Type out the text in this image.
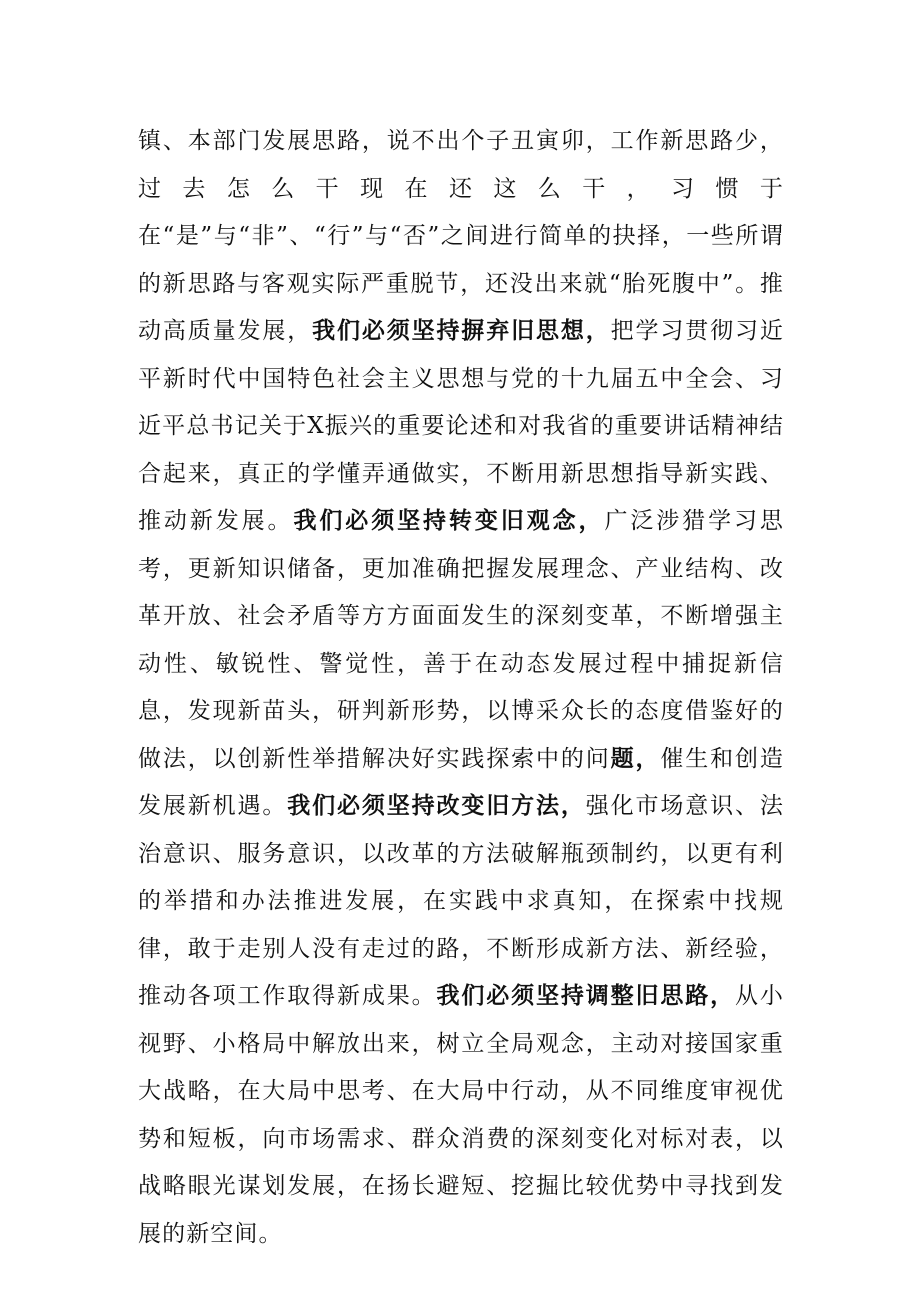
镇、本部门发展思路，说不出个子丑寅卯，工作新思路少，过去怎么干现在还这么干，习惯于在“是”与“非”、“行”与“否”之间进行简单的抉择，一些所谓的新思路与客观实际严重脱节，还没出来就“胎死腹中”。推动高质量发展，我们必须坚持摒弃旧思想，把学习贯彻习近平新时代中国特色社会主义思想与党的十九届五中全会、习近平总书记关于X振兴的重要论述和对我省的重要讲话精神结合起来，真正的学懂弄通做实，不断用新思想指导新实践、推动新发展。我们必须坚持转变旧观念，广泛涉猎学习思考，更新知识储备，更加准确把握发展理念、产业结构、改革开放、社会矛盾等方方面面发生的深刻变革，不断增强主动性、敏锐性、警觉性，善于在动态发展过程中捕捉新信息，发现新苗头，研判新形势，以博采众长的态度借鉴好的做法，以创新性举措解决好实践探索中的问题，催生和创造发展新机遇。我们必须坚持改变旧方法，强化市场意识、法治意识、服务意识，以改革的方法破解瓶颈制约，以更有利的举措和办法推进发展，在实践中求真知，在探索中找规律，敢于走别人没有走过的路，不断形成新方法、新经验，推动各项工作取得新成果。我们必须坚持调整旧思路，从小视野、小格局中解放出来，树立全局观念，主动对接国家重大战略，在大局中思考、在大局中行动，从不同维度审视优势和短板，向市场需求、群众消费的深刻变化对标对表，以战略眼光谋划发展，在扬长避短、挖掘比较优势中寻找到发展的新空间。
